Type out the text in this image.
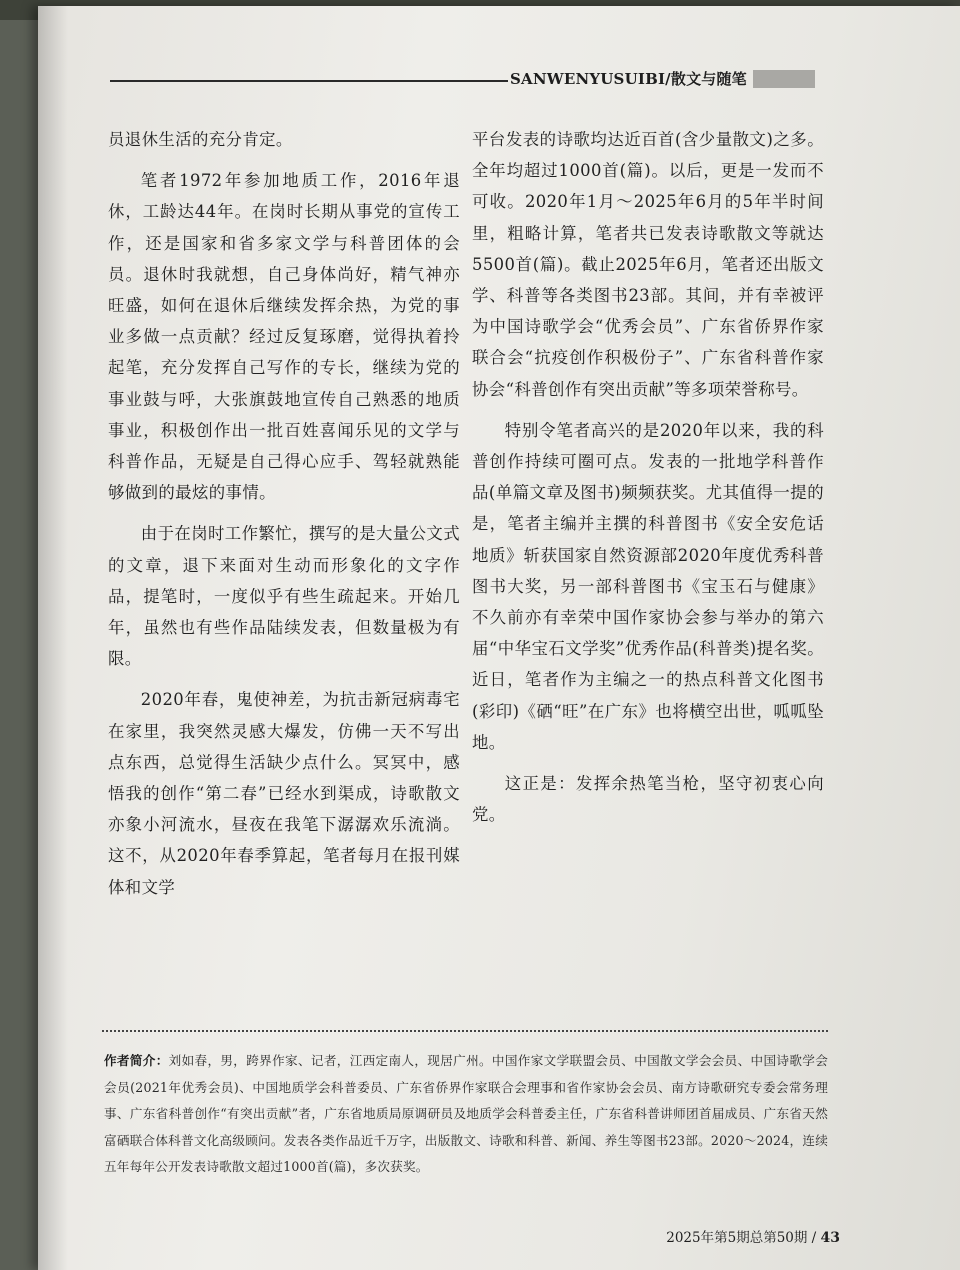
SANWENYUSUIBI/散文与随笔

员退休生活的充分肯定。

笔者1972年参加地质工作，2016年退休，工龄达44年。在岗时长期从事党的宣传工作，还是国家和省多家文学与科普团体的会员。退休时我就想，自己身体尚好，精气神亦旺盛，如何在退休后继续发挥余热，为党的事业多做一点贡献？经过反复琢磨，觉得执着拎起笔，充分发挥自己写作的专长，继续为党的事业鼓与呼，大张旗鼓地宣传自己熟悉的地质事业，积极创作出一批百姓喜闻乐见的文学与科普作品，无疑是自己得心应手、驾轻就熟能够做到的最炫的事情。

由于在岗时工作繁忙，撰写的是大量公文式的文章，退下来面对生动而形象化的文字作品，提笔时，一度似乎有些生疏起来。开始几年，虽然也有些作品陆续发表，但数量极为有限。

2020年春，鬼使神差，为抗击新冠病毒宅在家里，我突然灵感大爆发，仿佛一天不写出点东西，总觉得生活缺少点什么。冥冥中，感悟我的创作“第二春”已经水到渠成，诗歌散文亦象小河流水，昼夜在我笔下潺潺欢乐流淌。这不，从2020年春季算起，笔者每月在报刊媒体和文学

平台发表的诗歌均达近百首(含少量散文)之多。全年均超过1000首(篇)。以后，更是一发而不可收。2020年1月～2025年6月的5年半时间里，粗略计算，笔者共已发表诗歌散文等就达5500首(篇)。截止2025年6月，笔者还出版文学、科普等各类图书23部。其间，并有幸被评为中国诗歌学会“优秀会员”、广东省侨界作家联合会“抗疫创作积极份子”、广东省科普作家协会“科普创作有突出贡献”等多项荣誉称号。

特别令笔者高兴的是2020年以来，我的科普创作持续可圈可点。发表的一批地学科普作品(单篇文章及图书)频频获奖。尤其值得一提的是，笔者主编并主撰的科普图书《安全安危话地质》斩获国家自然资源部2020年度优秀科普图书大奖，另一部科普图书《宝玉石与健康》不久前亦有幸荣中国作家协会参与举办的第六届“中华宝石文学奖”优秀作品(科普类)提名奖。近日，笔者作为主编之一的热点科普文化图书(彩印)《硒“旺”在广东》也将横空出世，呱呱坠地。

这正是：发挥余热笔当枪，坚守初衷心向党。

作者简介：刘如春，男，跨界作家、记者，江西定南人，现居广州。中国作家文学联盟会员、中国散文学会会员、中国诗歌学会会员(2021年优秀会员)、中国地质学会科普委员、广东省侨界作家联合会理事和省作家协会会员、南方诗歌研究专委会常务理事、广东省科普创作“有突出贡献”者，广东省地质局原调研员及地质学会科普委主任，广东省科普讲师团首届成员、广东省天然富硒联合体科普文化高级顾问。发表各类作品近千万字，出版散文、诗歌和科普、新闻、养生等图书23部。2020～2024，连续五年每年公开发表诗歌散文超过1000首(篇)，多次获奖。
2025年第5期总第50期 / 43
